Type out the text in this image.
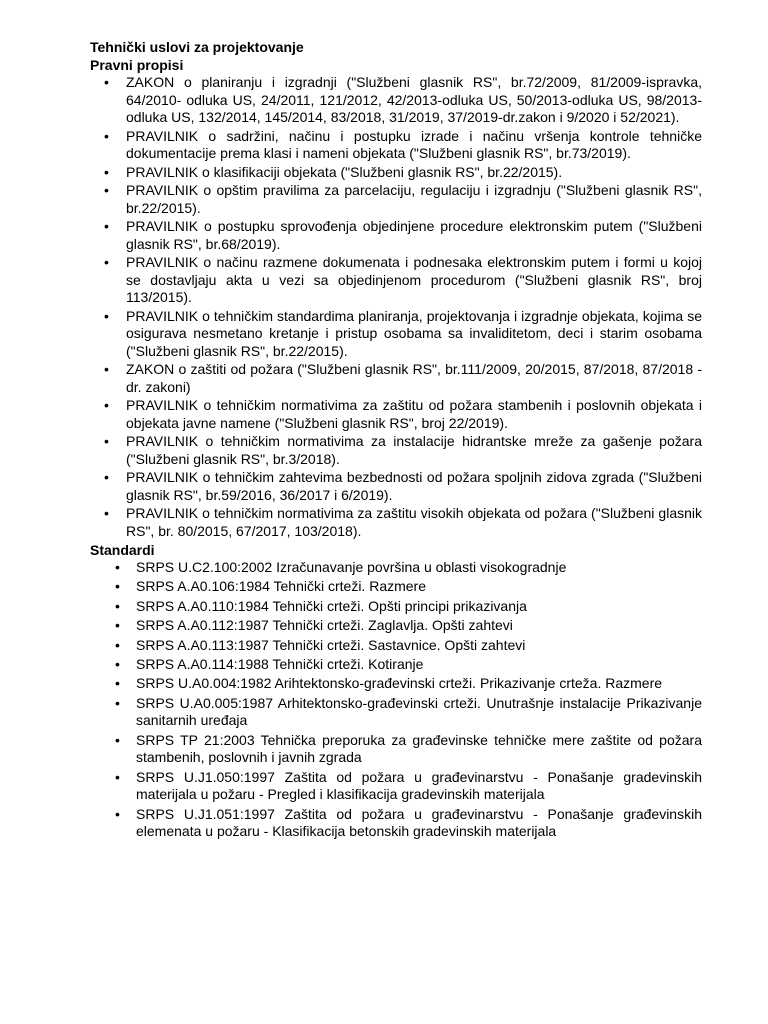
Tehnički uslovi za projektovanje

Pravni propisi

• ZAKON o planiranju i izgradnji ("Službeni glasnik RS", br.72/2009, 81/2009-ispravka, 64/2010- odluka US, 24/2011, 121/2012, 42/2013-odluka US, 50/2013-odluka US, 98/2013-odluka US, 132/2014, 145/2014, 83/2018, 31/2019, 37/2019-dr.zakon i 9/2020 i 52/2021).
• PRAVILNIK o sadržini, načinu i postupku izrade i načinu vršenja kontrole tehničke dokumentacije prema klasi i nameni objekata ("Službeni glasnik RS", br.73/2019).
• PRAVILNIK o klasifikaciji objekata ("Službeni glasnik RS", br.22/2015).
• PRAVILNIK o opštim pravilima za parcelaciju, regulaciju i izgradnju ("Službeni glasnik RS", br.22/2015).
• PRAVILNIK o postupku sprovođenja objedinjene procedure elektronskim putem ("Službeni glasnik RS", br.68/2019).
• PRAVILNIK o načinu razmene dokumenata i podnesaka elektronskim putem i formi u kojoj se dostavljaju akta u vezi sa objedinjenom procedurom ("Službeni glasnik RS", broj 113/2015).
• PRAVILNIK o tehničkim standardima planiranja, projektovanja i izgradnje objekata, kojima se osigurava nesmetano kretanje i pristup osobama sa invaliditetom, deci i starim osobama ("Službeni glasnik RS", br.22/2015).
• ZAKON o zaštiti od požara ("Službeni glasnik RS", br.111/2009, 20/2015, 87/2018, 87/2018 - dr. zakoni)
• PRAVILNIK o tehničkim normativima za zaštitu od požara stambenih i poslovnih objekata i objekata javne namene ("Službeni glasnik RS", broj 22/2019).
• PRAVILNIK o tehničkim normativima za instalacije hidrantske mreže za gašenje požara ("Službeni glasnik RS", br.3/2018).
• PRAVILNIK o tehničkim zahtevima bezbednosti od požara spoljnih zidova zgrada ("Službeni glasnik RS", br.59/2016, 36/2017 i 6/2019).
• PRAVILNIK o tehničkim normativima za zaštitu visokih objekata od požara ("Službeni glasnik RS", br. 80/2015, 67/2017, 103/2018).

Standardi

• SRPS U.C2.100:2002 Izračunavanje površina u oblasti visokogradnje
• SRPS A.A0.106:1984 Tehnički crteži. Razmere
• SRPS A.A0.110:1984 Tehnički crteži. Opšti principi prikazivanja
• SRPS A.A0.112:1987 Tehnički crteži. Zaglavlja. Opšti zahtevi
• SRPS A.A0.113:1987 Tehnički crteži. Sastavnice. Opšti zahtevi
• SRPS A.A0.114:1988 Tehnički crteži. Kotiranje
• SRPS U.A0.004:1982 Arihtektonsko-građevinski crteži. Prikazivanje crteža. Razmere
• SRPS U.A0.005:1987 Arhitektonsko-građevinski crteži. Unutrašnje instalacije Prikazivanje sanitarnih uređaja
• SRPS TP 21:2003 Tehnička preporuka za građevinske tehničke mere zaštite od požara stambenih, poslovnih i javnih zgrada
• SRPS U.J1.050:1997 Zaštita od požara u građevinarstvu - Ponašanje gradevinskih materijala u požaru - Pregled i klasifikacija gradevinskih materijala
• SRPS U.J1.051:1997 Zaštita od požara u građevinarstvu - Ponašanje građevinskih elemenata u požaru - Klasifikacija betonskih gradevinskih materijala
